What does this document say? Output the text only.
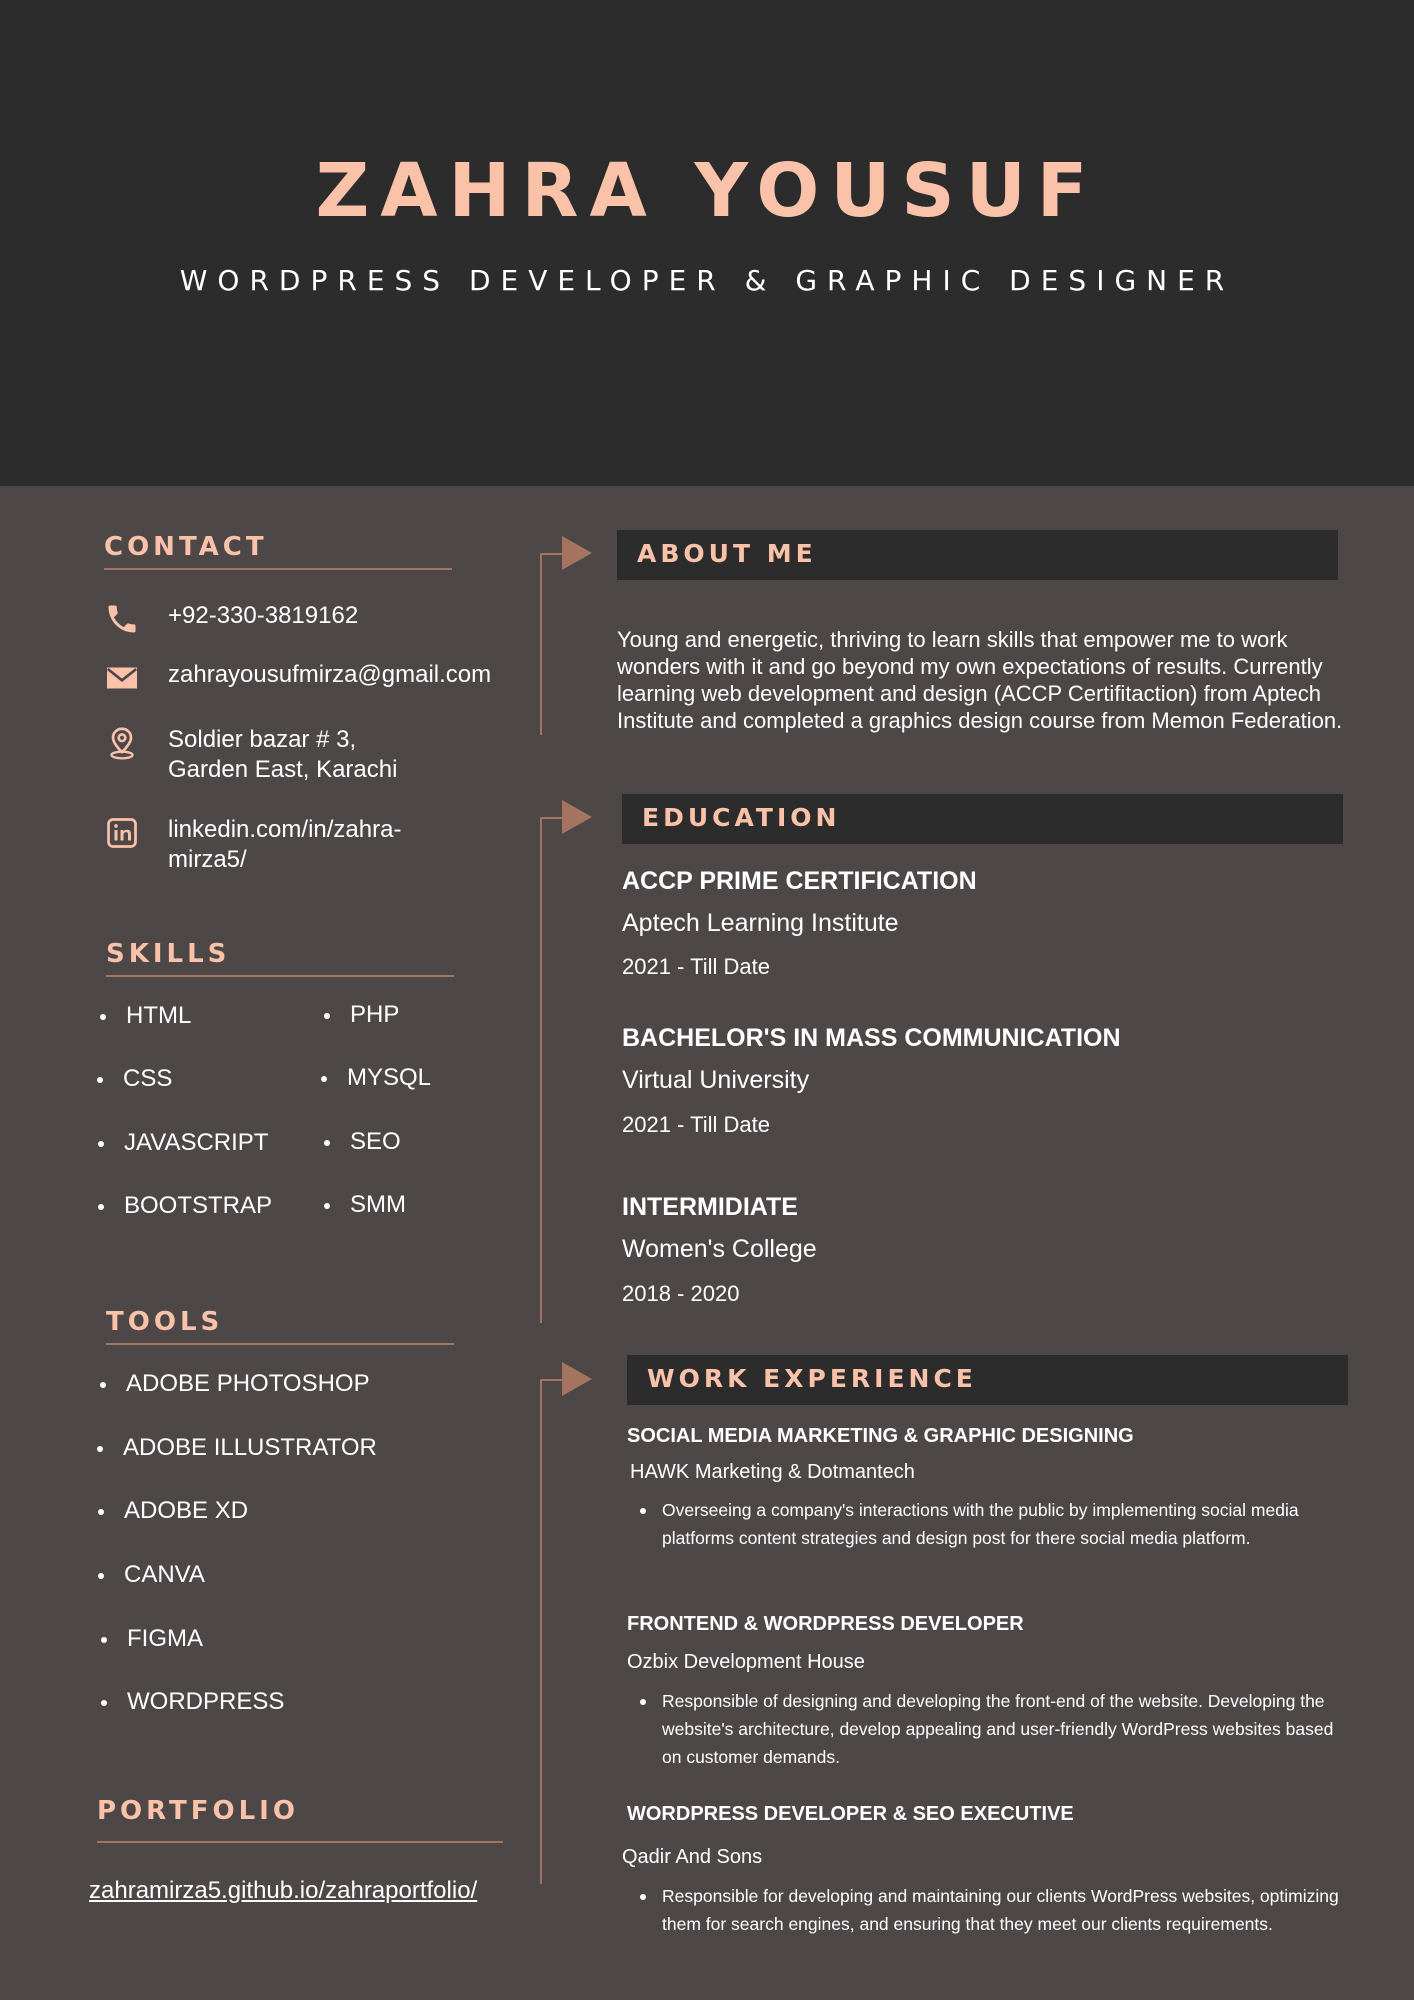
ZAHRA YOUSUF
WORDPRESS DEVELOPER & GRAPHIC DESIGNER
CONTACT
+92-330-3819162
zahrayousufmirza@gmail.com
Soldier bazar # 3,
Garden East, Karachi
linkedin.com/in/zahra-
mirza5/
SKILLS
HTML
CSS
JAVASCRIPT
BOOTSTRAP
PHP
MYSQL
SEO
SMM
TOOLS
ADOBE PHOTOSHOP
ADOBE ILLUSTRATOR
ADOBE XD
CANVA
FIGMA
WORDPRESS
PORTFOLIO
zahramirza5.github.io/zahraportfolio/
ABOUT ME
Young and energetic, thriving to learn skills that empower me to work wonders with it and go beyond my own expectations of results. Currently learning web development and design (ACCP Certifitaction) from Aptech Institute and completed a graphics design course from Memon Federation.
EDUCATION
ACCP PRIME CERTIFICATION
Aptech Learning Institute
2021 - Till Date
BACHELOR'S IN MASS COMMUNICATION
Virtual University
2021 - Till Date
INTERMIDIATE
Women's College
2018 - 2020
WORK EXPERIENCE
SOCIAL MEDIA MARKETING & GRAPHIC DESIGNING
HAWK Marketing & Dotmantech
Overseeing a company's interactions with the public by implementing social media platforms content strategies and design post for there social media platform.
FRONTEND & WORDPRESS DEVELOPER
Ozbix Development House
Responsible of designing and developing the front-end of the website. Developing the website's architecture, develop appealing and user-friendly WordPress websites based on customer demands.
WORDPRESS DEVELOPER & SEO EXECUTIVE
Qadir And Sons
Responsible for developing and maintaining our clients WordPress websites, optimizing them for search engines, and ensuring that they meet our clients requirements.
